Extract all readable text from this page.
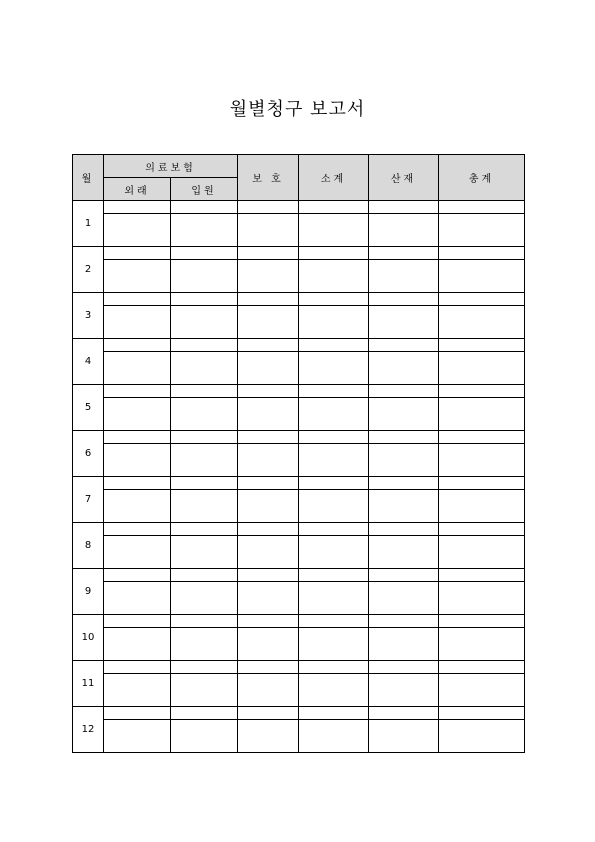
월별청구 보고서
월	의료보험		보 호	소계	산재	총계
	외래	입원				
1						

2						

3						

4						

5						

6						

7						

8						

9						

10						

11						

12						
